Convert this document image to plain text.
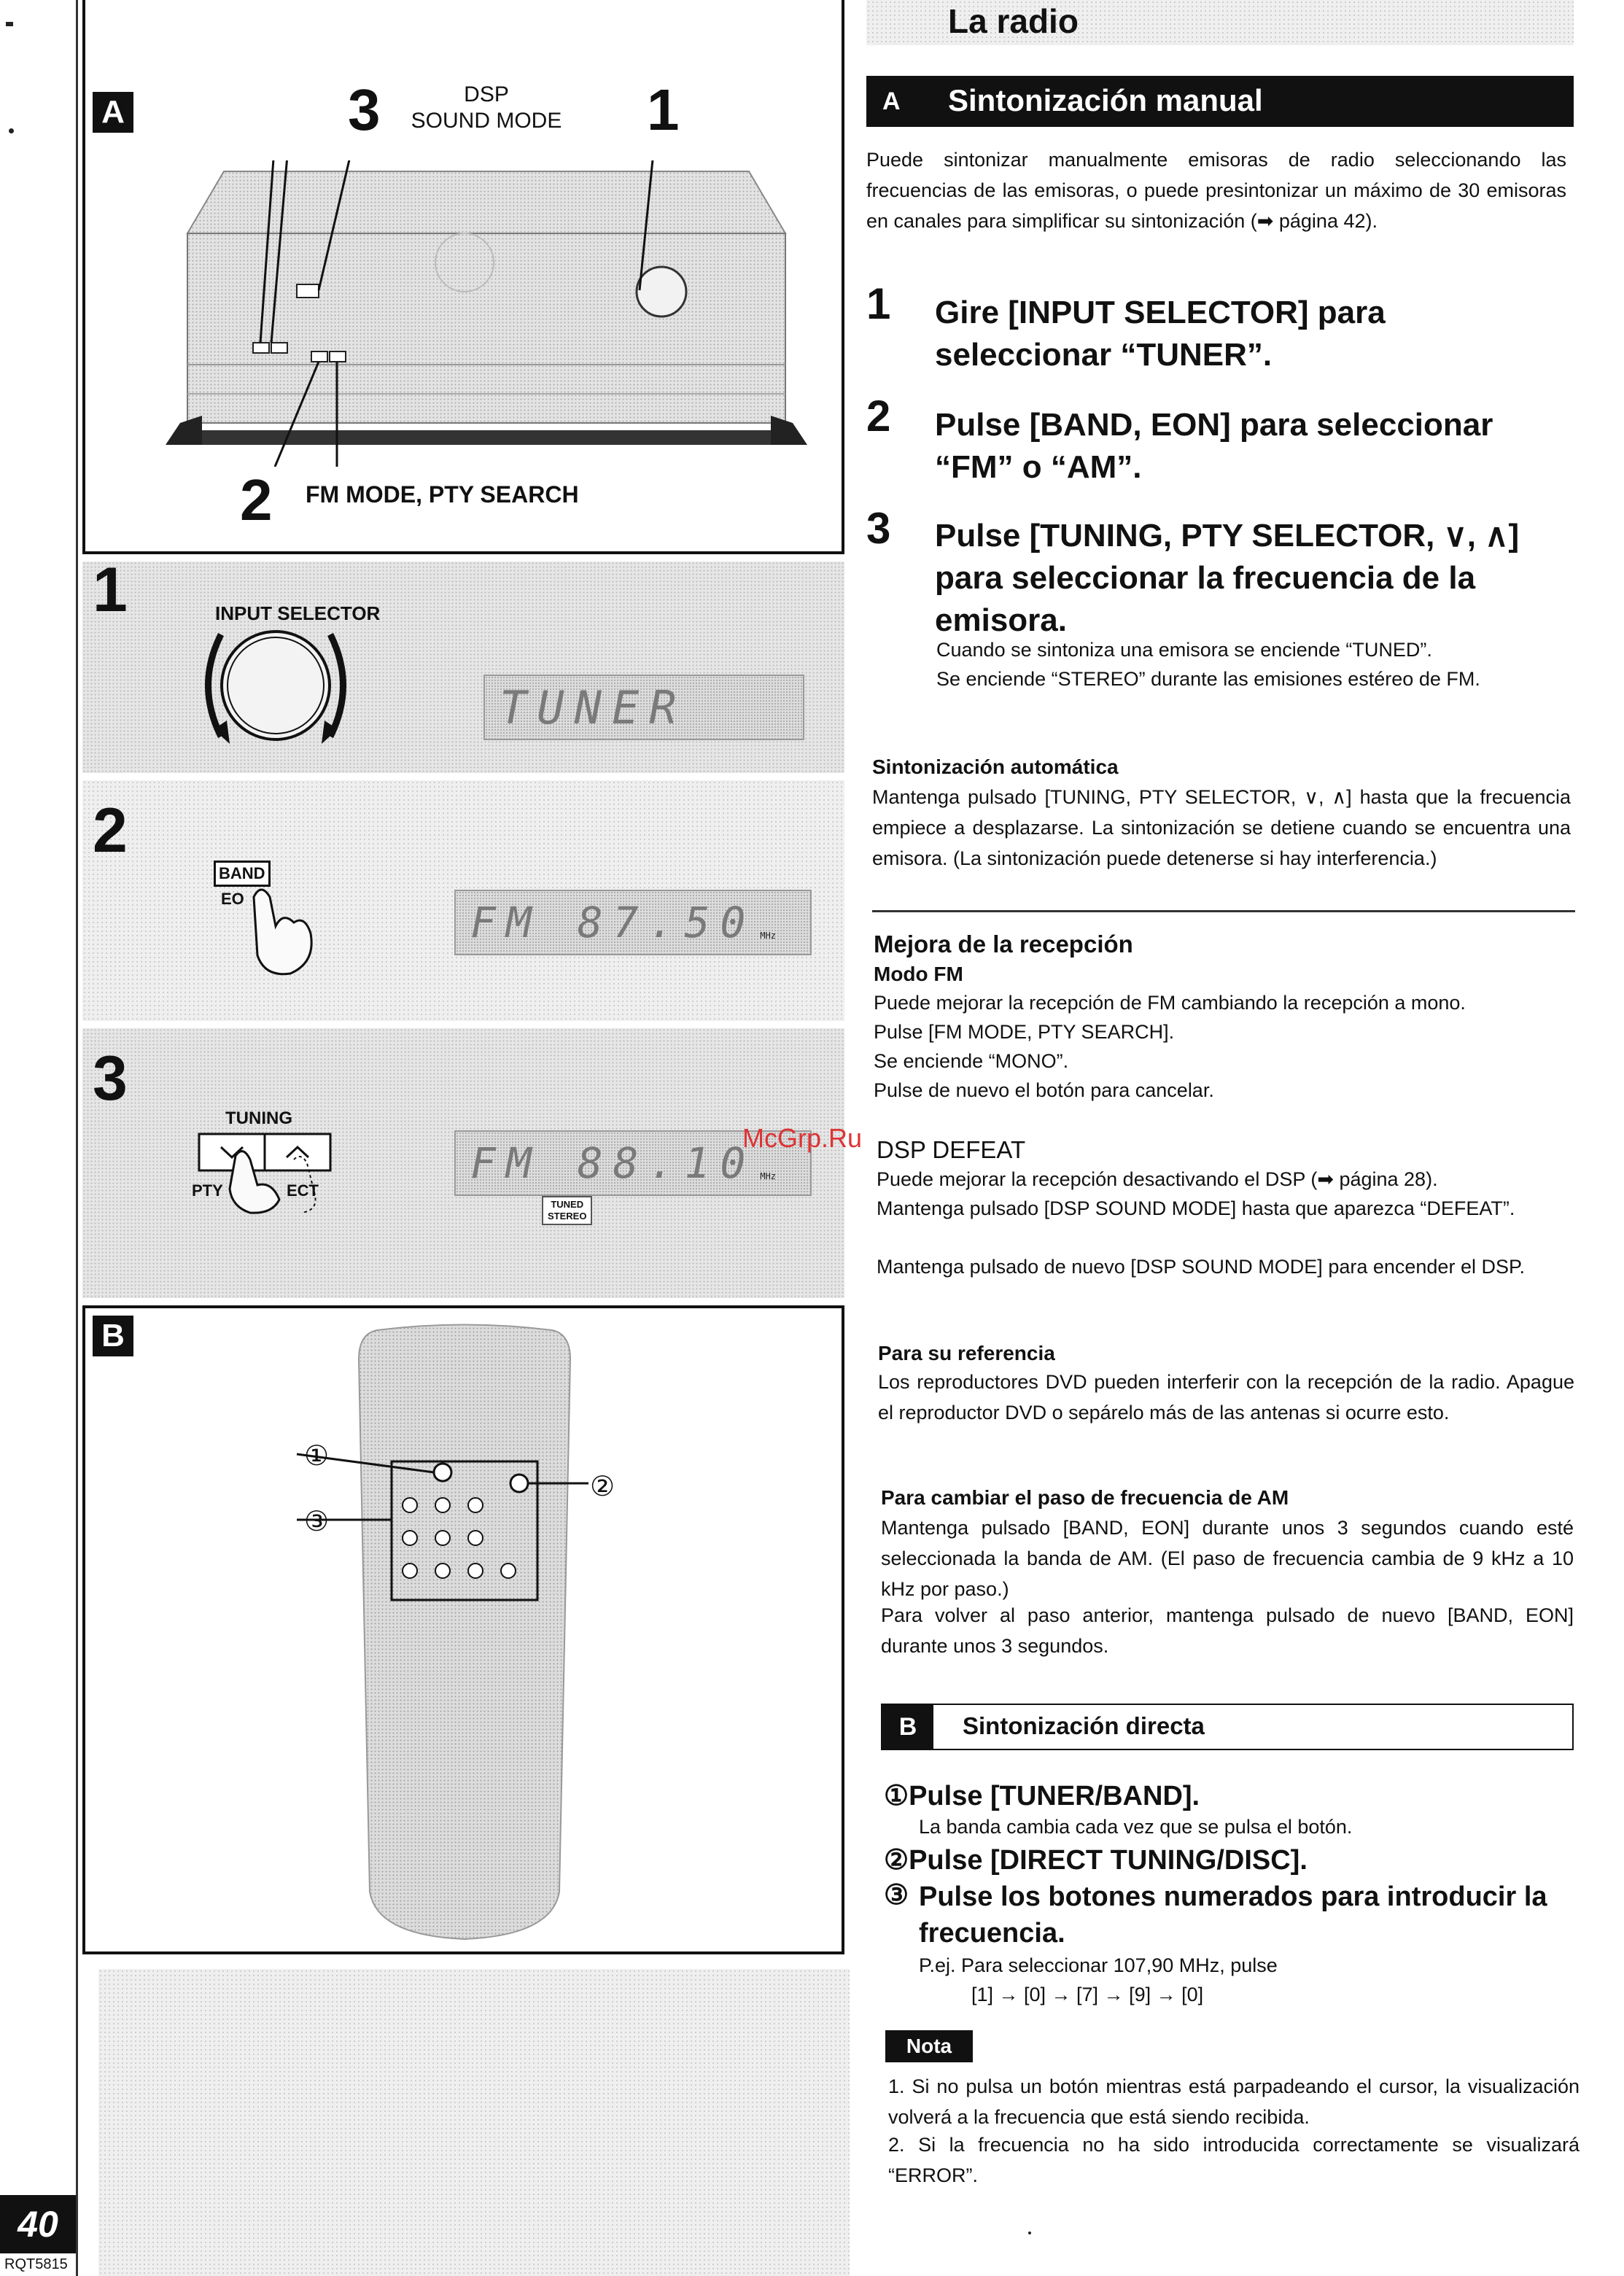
A	3	DSP
SOUND MODE 1
2 FM MODE, PTY SEARCH
1	INPUT SELECTOR
TUNER
2
BAND
EO	FM 87.50 MHz
3
TUNING
PTY	ECT
FM 88.10 MHz
TUNED
STEREO
B
①
②
③
40
RQT5815
La radio
A Sintonización manual
Puede sintonizar manualmente emisoras de radio seleccionando las frecuencias de las emisoras, o puede presintonizar un máximo de 30 emisoras en canales para simplificar su sintonización (➡ página 42).
1 Gire [INPUT SELECTOR] para seleccionar “TUNER”.
2 Pulse [BAND, EON] para seleccionar “FM” o “AM”.
3 Pulse [TUNING, PTY SELECTOR, ∨, ∧] para seleccionar la frecuencia de la emisora.
Cuando se sintoniza una emisora se enciende “TUNED”.
Se enciende “STEREO” durante las emisiones estéreo de FM.
Sintonización automática
Mantenga pulsado [TUNING, PTY SELECTOR, ∨, ∧] hasta que la frecuencia empiece a desplazarse. La sintonización se detiene cuando se encuentra una emisora. (La sintonización puede detenerse si hay interferencia.)
Mejora de la recepción
Modo FM
Puede mejorar la recepción de FM cambiando la recepción a mono.
Pulse [FM MODE, PTY SEARCH].
Se enciende “MONO”.
Pulse de nuevo el botón para cancelar.
DSP DEFEAT
McGrp.Ru
Puede mejorar la recepción desactivando el DSP (➡ página 28).
Mantenga pulsado [DSP SOUND MODE] hasta que aparezca “DEFEAT”.
Mantenga pulsado de nuevo [DSP SOUND MODE] para encender el DSP.
Para su referencia
Los reproductores DVD pueden interferir con la recepción de la radio. Apague el reproductor DVD o sepárelo más de las antenas si ocurre esto.
Para cambiar el paso de frecuencia de AM
Mantenga pulsado [BAND, EON] durante unos 3 segundos cuando esté seleccionada la banda de AM. (El paso de frecuencia cambia de 9 kHz a 10 kHz por paso.)
Para volver al paso anterior, mantenga pulsado de nuevo [BAND, EON] durante unos 3 segundos.
B	Sintonización directa
①Pulse [TUNER/BAND].
La banda cambia cada vez que se pulsa el botón.
②Pulse [DIRECT TUNING/DISC].
③ Pulse los botones numerados para introducir la frecuencia.
P.ej. Para seleccionar 107,90 MHz, pulse
[1] → [0] → [7] → [9] → [0]
Nota
1. Si no pulsa un botón mientras está parpadeando el cursor, la visualización volverá a la frecuencia que está siendo recibida.
2. Si la frecuencia no ha sido introducida correctamente se visualizará “ERROR”.
